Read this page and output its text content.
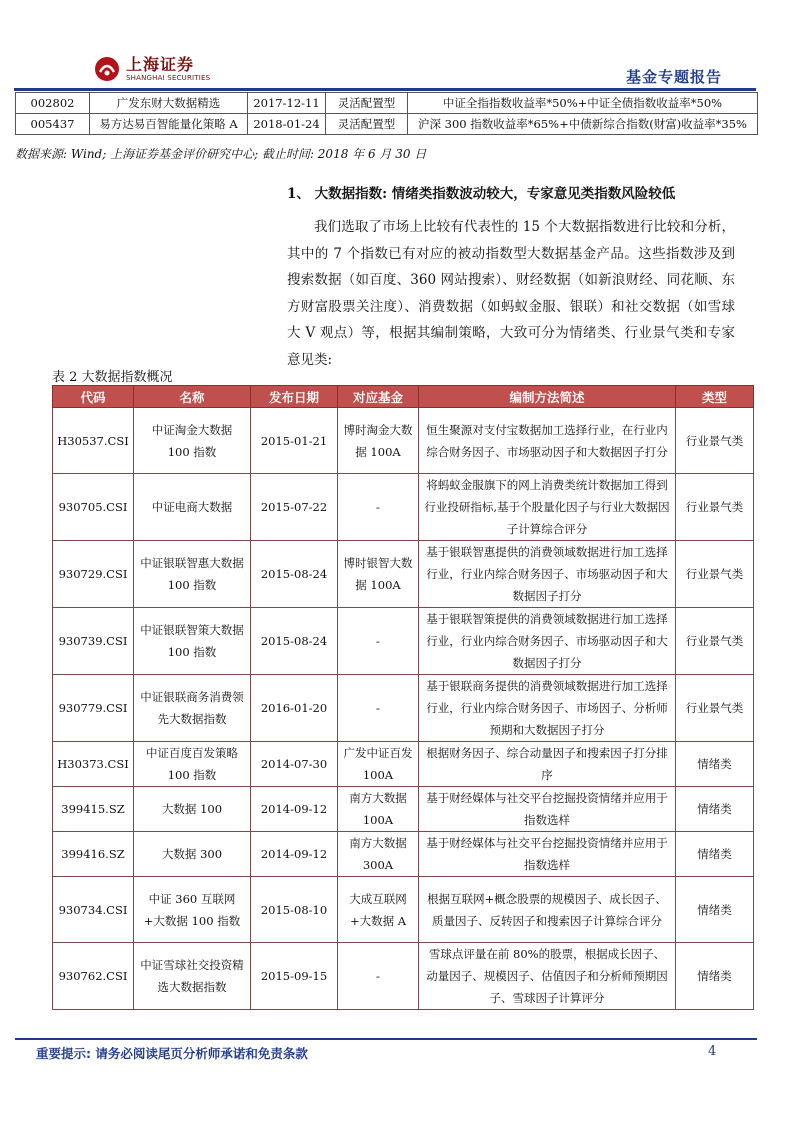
上海证券
SHANGHAI SECURITIES	基金专题报告
002802	广发东财大数据精选	2017-12-11	灵活配置型	中证全指指数收益率*50%+中证全债指数收益率*50%
005437	易方达易百智能量化策略 A	2018-01-24	灵活配置型	沪深 300 指数收益率*65%+中债新综合指数(财富)收益率*35%
数据来源: Wind; 上海证券基金评价研究中心; 截止时间: 2018 年 6 月 30 日
1、 大数据指数: 情绪类指数波动较大，专家意见类指数风险较低

我们选取了市场上比较有代表性的 15 个大数据指数进行比较和分析，其中的 7 个指数已有对应的被动指数型大数据基金产品。这些指数涉及到搜索数据（如百度、360 网站搜索）、财经数据（如新浪财经、同花顺、东方财富股票关注度）、消费数据（如蚂蚁金服、银联）和社交数据（如雪球大 V 观点）等，根据其编制策略，大致可分为情绪类、行业景气类和专家意见类:

表 2 大数据指数概况
代码	名称	发布日期	对应基金	编制方法简述	类型
H30537.CSI	中证淘金大数据 100 指数	2015-01-21	博时淘金大数据 100A	恒生聚源对支付宝数据加工选择行业，在行业内综合财务因子、市场驱动因子和大数据因子打分	行业景气类
930705.CSI	中证电商大数据	2015-07-22	-	将蚂蚁金服旗下的网上消费类统计数据加工得到行业投研指标,基于个股量化因子与行业大数据因子计算综合评分	行业景气类
930729.CSI	中证银联智惠大数据 100 指数	2015-08-24	博时银智大数据 100A	基于银联智惠提供的消费领域数据进行加工选择行业，行业内综合财务因子、市场驱动因子和大数据因子打分	行业景气类
930739.CSI	中证银联智策大数据 100 指数	2015-08-24	-	基于银联智策提供的消费领域数据进行加工选择行业，行业内综合财务因子、市场驱动因子和大数据因子打分	行业景气类
930779.CSI	中证银联商务消费领先大数据指数	2016-01-20	-	基于银联商务提供的消费领域数据进行加工选择行业，行业内综合财务因子、市场因子、分析师预期和大数据因子打分	行业景气类
H30373.CSI	中证百度百发策略 100 指数	2014-07-30	广发中证百发 100A	根据财务因子、综合动量因子和搜索因子打分排序	情绪类
399415.SZ	大数据 100	2014-09-12	南方大数据 100A	基于财经媒体与社交平台挖掘投资情绪并应用于指数选样	情绪类
399416.SZ	大数据 300	2014-09-12	南方大数据 300A	基于财经媒体与社交平台挖掘投资情绪并应用于指数选样	情绪类
930734.CSI	中证 360 互联网+大数据 100 指数	2015-08-10	大成互联网+大数据 A	根据互联网+概念股票的规模因子、成长因子、质量因子、反转因子和搜索因子计算综合评分	情绪类
930762.CSI	中证雪球社交投资精选大数据指数	2015-09-15	-	雪球点评量在前 80%的股票，根据成长因子、动量因子、规模因子、估值因子和分析师预期因子、雪球因子计算评分	情绪类
重要提示: 请务必阅读尾页分析师承诺和免责条款	4
